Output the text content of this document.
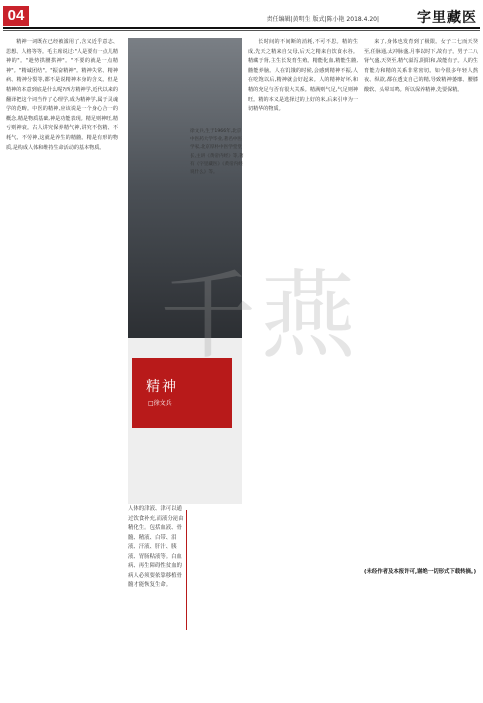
04	责任编辑|黄明生 版式|陈小艳 2018.4.20|	字里藏医

精神一词既在已经被滥用了,含义近乎意志、思想、人格等等。毛主席说过:"人是要有一点儿精神的"。"趁势拱腰拱神"。"不要的就是一点精神"。"精诚团结"。"振奋精神"。精神失常、精神病、精神分裂等,都不是说精神本身的含义。但是精神的本意到底是什么呢?西方精神学,近代以来的翻译把这个词当作了心理学,成为精神学,属于灵魂学的范畴。中医的精神,应该说是一个身心合一的概念,精是物质基础,神是功能表现。精足则神旺,精亏则神衰。古人讲究保养精气神,讲究不伤精、不耗气、不劳神,这就是养生的精髓。精是有形的物质,是构成人体和维持生命活动的基本物质。

精神
□徐文兵
徐文兵,生于1966年,北京中医药大学毕业,著名中医学家,北京厚朴中医学堂堂长,主讲《黄帝内经》等,著有《字里藏医》《黄帝内经说什么》等。
人体的津液、津可以通过饮食补充,而液分泌由精化生。包括血液、骨髓、精液、白带、泪液、汗液、肝汁、胰液、胃肠粘液等。白血病、再生障碍性贫血的病人必须要依靠移植骨髓才能恢复生命。

长时间的不间断的消耗,不可不思。精的生成,先天之精来自父母,后天之精来自饮食水谷。精藏于肾,主生长发育生殖。精能化血,精能生髓,髓能养脑。人在饥饿的时候,会感到精神不振,人在吃饱以后,精神就会好起来。人的精神好坏,和精的充足与否有很大关系。精满则气足,气足则神旺。精的本义是选择过的上好的米,后来引申为一切精华的物质。

来了,身体也发育到了极限。女子二七而天癸至,任脉通,太冲脉盛,月事以时下,故有子。男子二八肾气盛,天癸至,精气溢泻,阴阳和,故能有子。人的生育能力和精的关系非常密切。如今很多年轻人熬夜、纵欲,都在透支自己的精,导致精神萎靡、腰膝酸软、头晕耳鸣。所以保养精神,先要保精。

(未经作者及本报许可,谢绝一切形式下载转摘。)
千燕
